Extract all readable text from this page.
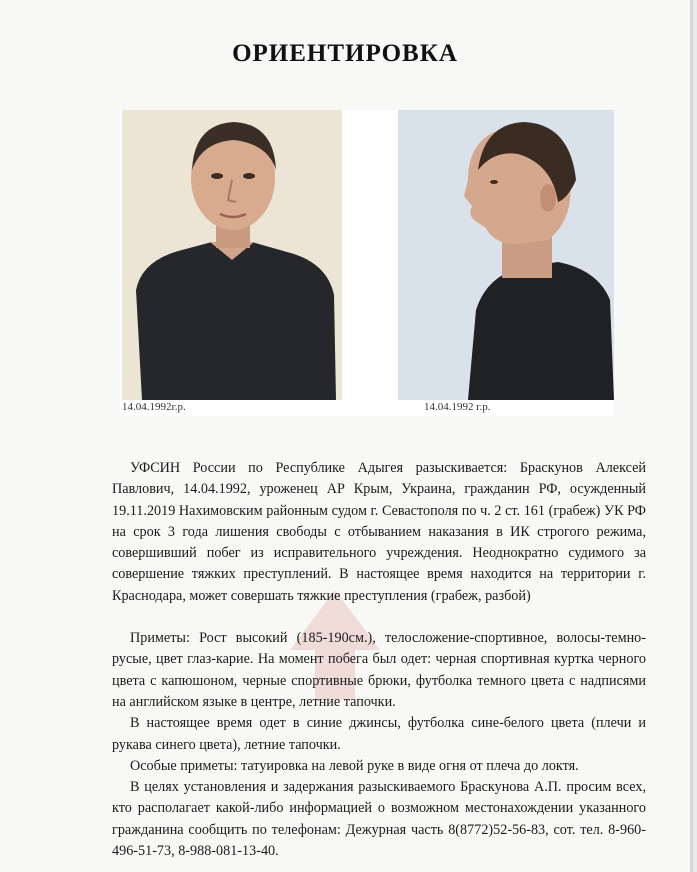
ОРИЕНТИРОВКА
14.04.1992г.р.	14.04.1992 г.р.

УФСИН России по Республике Адыгея разыскивается: Браскунов Алексей Павлович, 14.04.1992, уроженец АР Крым, Украина, гражданин РФ, осужденный 19.11.2019 Нахимовским районным судом г. Севастополя по ч. 2 ст. 161 (грабеж) УК РФ на срок 3 года лишения свободы с отбыванием наказания в ИК строгого режима, совершивший побег из исправительного учреждения. Неоднократно судимого за совершение тяжких преступлений. В настоящее время находится на территории г. Краснодара, может совершать тяжкие преступления (грабеж, разбой)

Приметы: Рост высокий (185-190см.), телосложение-спортивное, волосы-темно-русые, цвет глаз-карие. На момент побега был одет: черная спортивная куртка черного цвета с капюшоном, черные спортивные брюки, футболка темного цвета с надписями на английском языке в центре, летние тапочки.

В настоящее время одет в синие джинсы, футболка сине-белого цвета (плечи и рукава синего цвета), летние тапочки.

Особые приметы: татуировка на левой руке в виде огня от плеча до локтя.

В целях установления и задержания разыскиваемого Браскунова А.П. просим всех, кто располагает какой-либо информацией о возможном местонахождении указанного гражданина сообщить по телефонам: Дежурная часть 8(8772)52-56-83, сот. тел. 8-960-496-51-73, 8-988-081-13-40.
